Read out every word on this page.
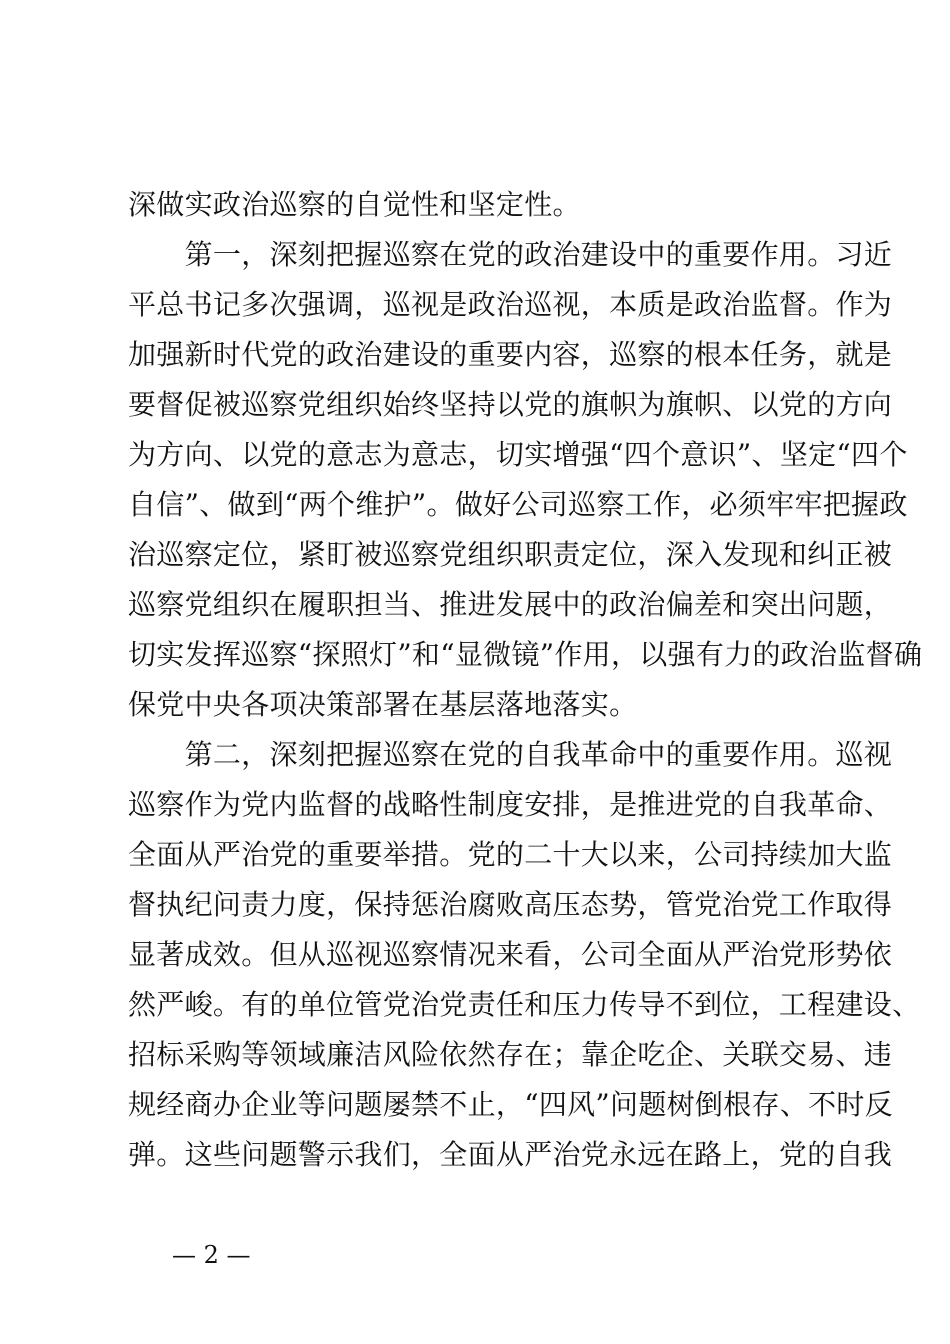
深做实政治巡察的自觉性和坚定性。
　　第一，深刻把握巡察在党的政治建设中的重要作用。习近
平总书记多次强调，巡视是政治巡视，本质是政治监督。作为
加强新时代党的政治建设的重要内容，巡察的根本任务，就是
要督促被巡察党组织始终坚持以党的旗帜为旗帜、以党的方向
为方向、以党的意志为意志，切实增强“四个意识”、坚定“四个
自信”、做到“两个维护”。做好公司巡察工作，必须牢牢把握政
治巡察定位，紧盯被巡察党组织职责定位，深入发现和纠正被
巡察党组织在履职担当、推进发展中的政治偏差和突出问题，
切实发挥巡察“探照灯”和“显微镜”作用，以强有力的政治监督确
保党中央各项决策部署在基层落地落实。
　　第二，深刻把握巡察在党的自我革命中的重要作用。巡视
巡察作为党内监督的战略性制度安排，是推进党的自我革命、
全面从严治党的重要举措。党的二十大以来，公司持续加大监
督执纪问责力度，保持惩治腐败高压态势，管党治党工作取得
显著成效。但从巡视巡察情况来看，公司全面从严治党形势依
然严峻。有的单位管党治党责任和压力传导不到位，工程建设、
招标采购等领域廉洁风险依然存在；靠企吃企、关联交易、违
规经商办企业等问题屡禁不止，“四风”问题树倒根存、不时反
弹。这些问题警示我们，全面从严治党永远在路上，党的自我
— 2 —
